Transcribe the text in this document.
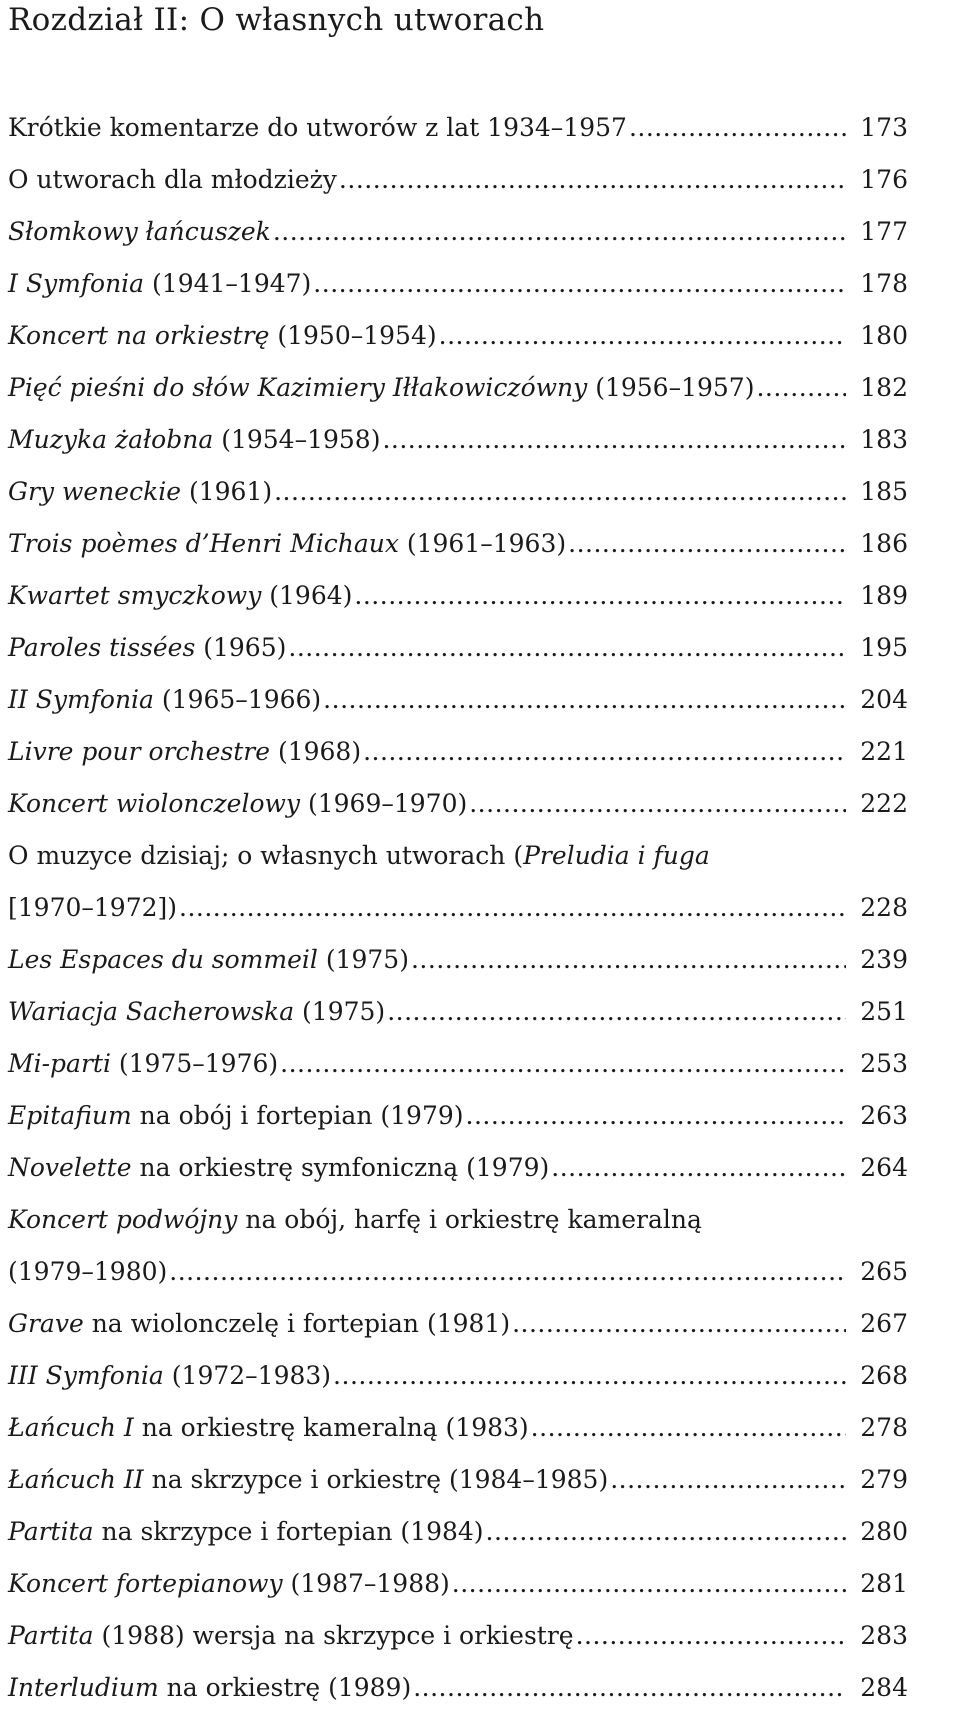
Rozdział II: O własnych utworach
Krótkie komentarze do utworów z lat 1934–1957 .....	173
O utworach dla młodzieży .....	176
Słomkowy łańcuszek .....	177
I Symfonia (1941–1947) .....	178
Koncert na orkiestrę (1950–1954) .....	180
Pięć pieśni do słów Kazimiery Iłłakowiczówny (1956–1957) .....	182
Muzyka żałobna (1954–1958) .....	183
Gry weneckie (1961) .....	185
Trois poèmes d’Henri Michaux (1961–1963) .....	186
Kwartet smyczkowy (1964) .....	189
Paroles tissées (1965) .....	195
II Symfonia (1965–1966) .....	204
Livre pour orchestre (1968) .....	221
Koncert wiolonczelowy (1969–1970) .....	222
O muzyce dzisiaj; o własnych utworach (Preludia i fuga
[1970–1972]) .....	228
Les Espaces du sommeil (1975) .....	239
Wariacja Sacherowska (1975) .....	251
Mi-parti (1975–1976) .....	253
Epitafium na obój i fortepian (1979) .....	263
Novelette na orkiestrę symfoniczną (1979) .....	264
Koncert podwójny na obój, harfę i orkiestrę kameralną
(1979–1980) .....	265
Grave na wiolonczelę i fortepian (1981) .....	267
III Symfonia (1972–1983) .....	268
Łańcuch I na orkiestrę kameralną (1983) .....	278
Łańcuch II na skrzypce i orkiestrę (1984–1985) .....	279
Partita na skrzypce i fortepian (1984) .....	280
Koncert fortepianowy (1987–1988) .....	281
Partita (1988) wersja na skrzypce i orkiestrę .....	283
Interludium na orkiestrę (1989) .....	284
